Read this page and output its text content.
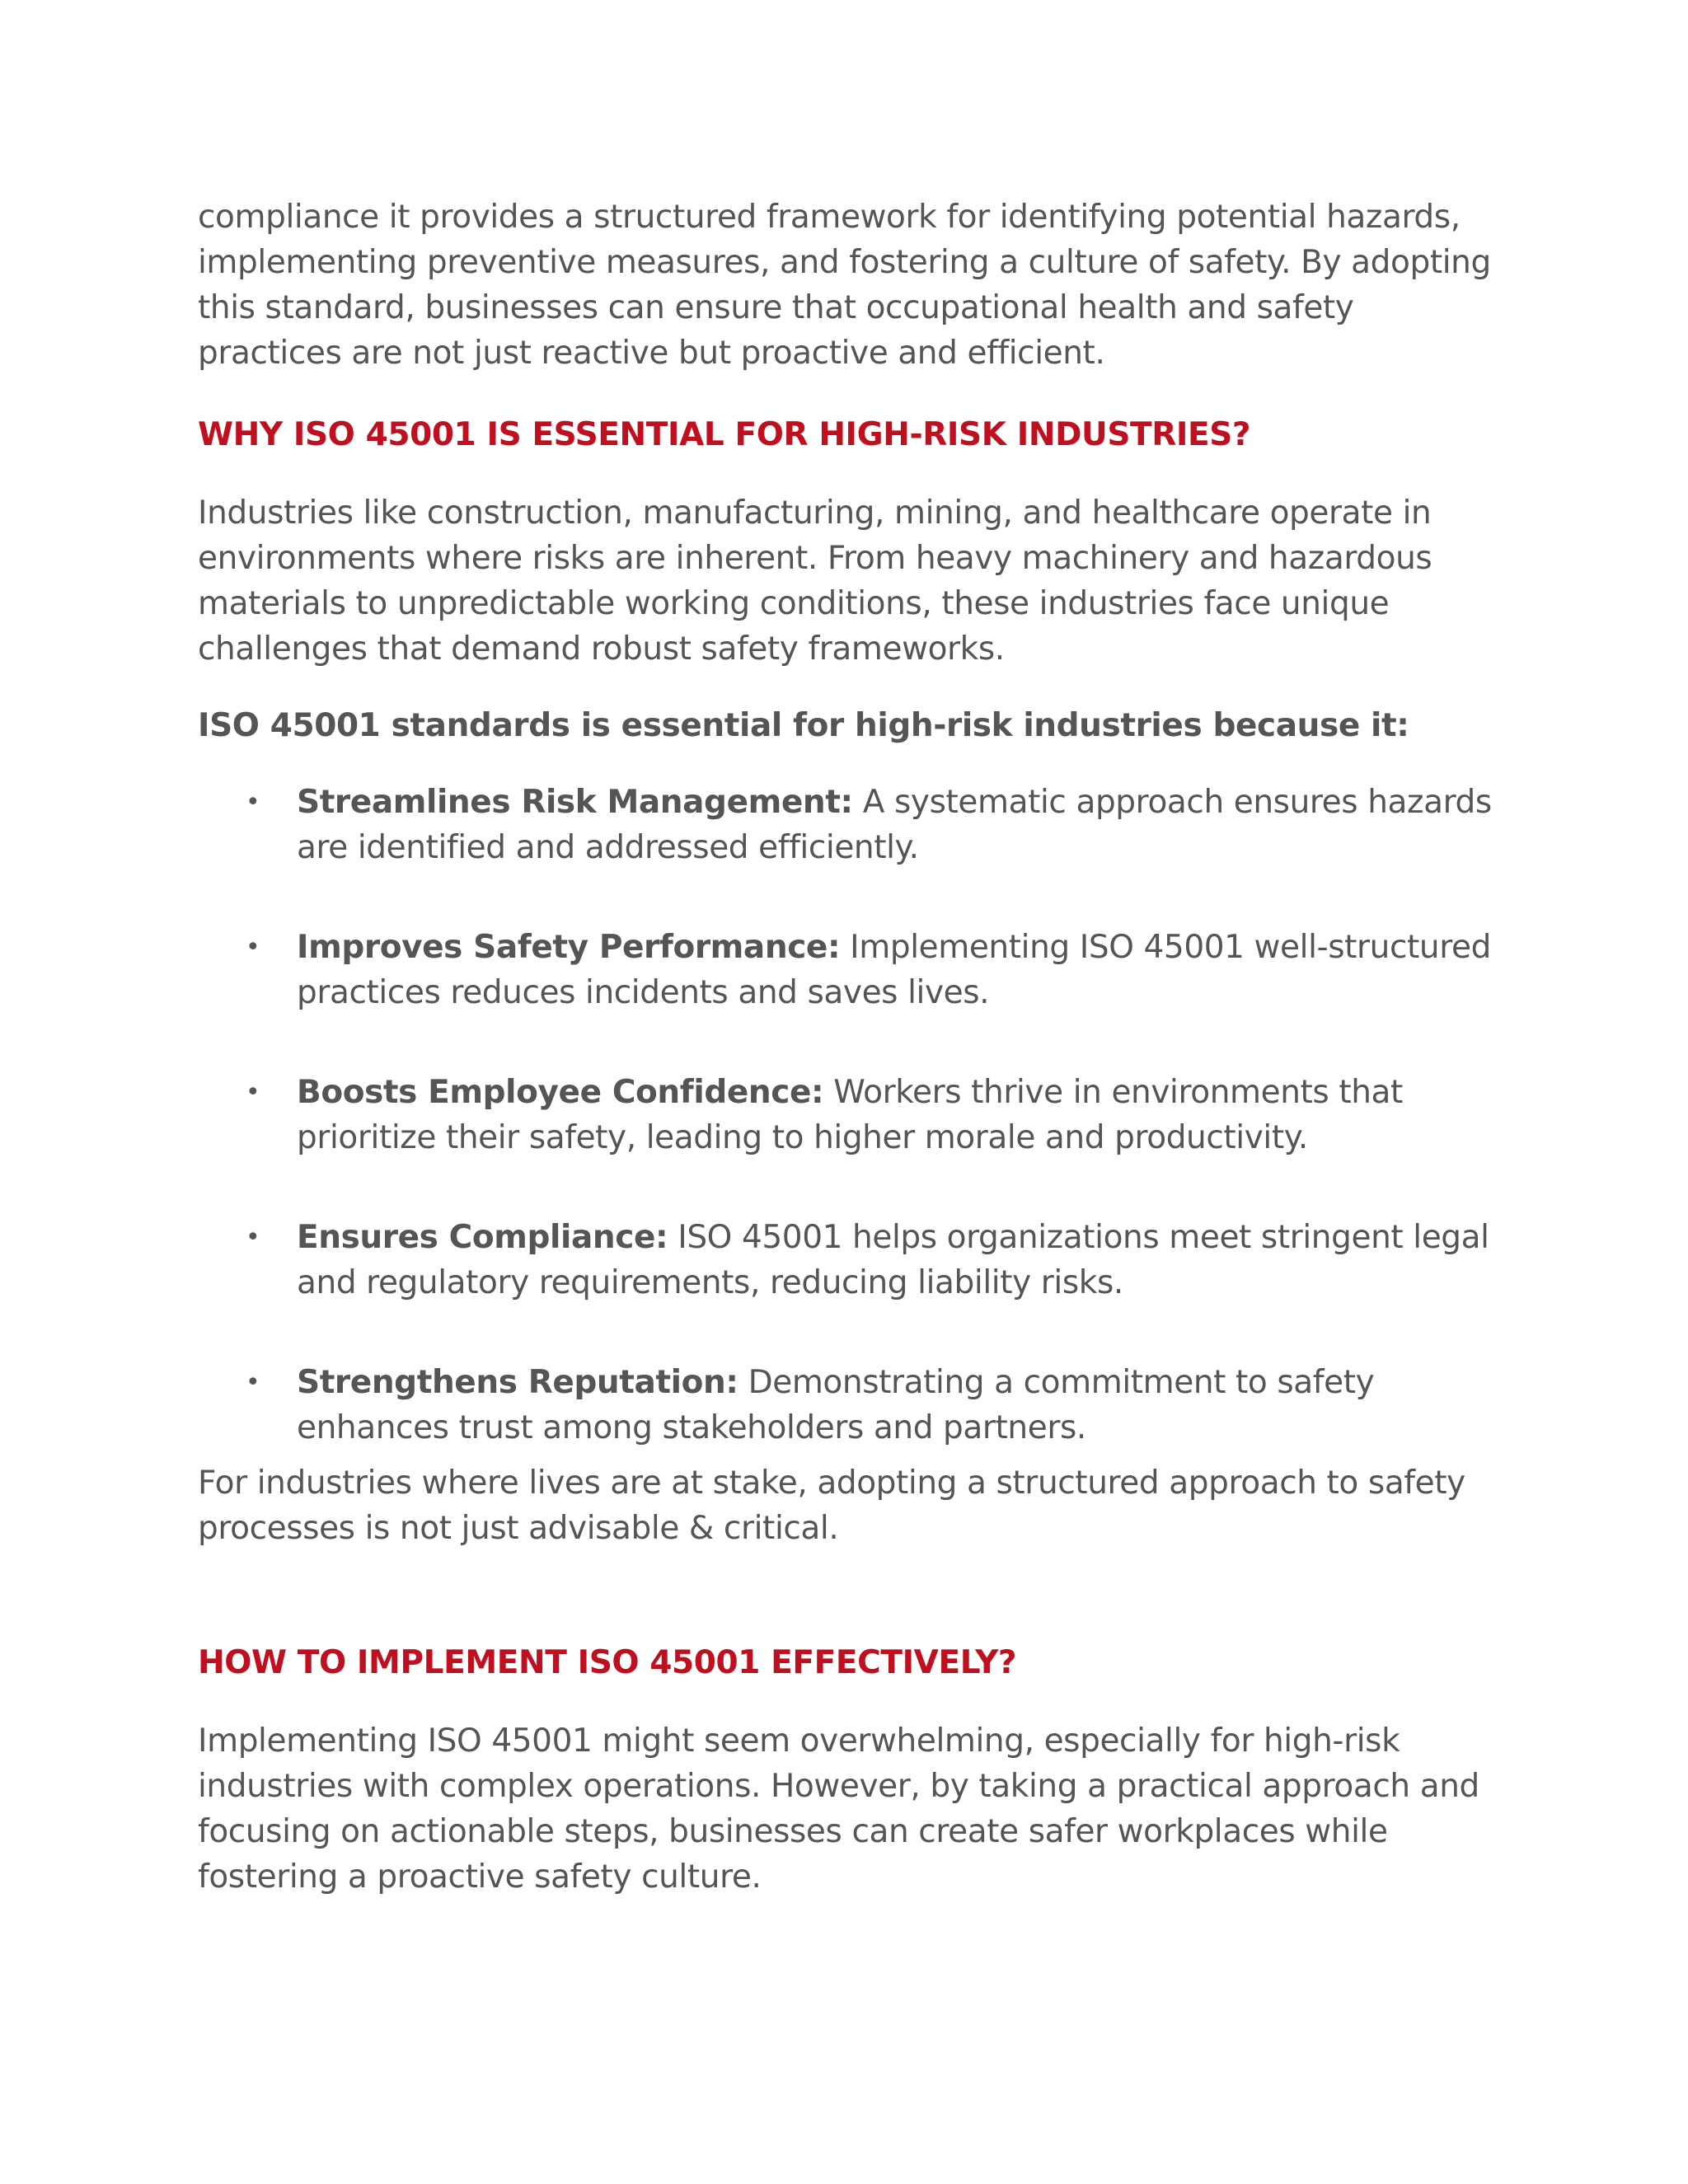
compliance it provides a structured framework for identifying potential hazards, implementing preventive measures, and fostering a culture of safety. By adopting this standard, businesses can ensure that occupational health and safety practices are not just reactive but proactive and efficient.

WHY ISO 45001 IS ESSENTIAL FOR HIGH-RISK INDUSTRIES?

Industries like construction, manufacturing, mining, and healthcare operate in environments where risks are inherent. From heavy machinery and hazardous materials to unpredictable working conditions, these industries face unique challenges that demand robust safety frameworks.

ISO 45001 standards is essential for high-risk industries because it:

• Streamlines Risk Management: A systematic approach ensures hazards are identified and addressed efficiently.
• Improves Safety Performance: Implementing ISO 45001 well-structured practices reduces incidents and saves lives.
• Boosts Employee Confidence: Workers thrive in environments that prioritize their safety, leading to higher morale and productivity.
• Ensures Compliance: ISO 45001 helps organizations meet stringent legal and regulatory requirements, reducing liability risks.
• Strengthens Reputation: Demonstrating a commitment to safety enhances trust among stakeholders and partners.

For industries where lives are at stake, adopting a structured approach to safety processes is not just advisable & critical.

HOW TO IMPLEMENT ISO 45001 EFFECTIVELY?

Implementing ISO 45001 might seem overwhelming, especially for high-risk industries with complex operations. However, by taking a practical approach and focusing on actionable steps, businesses can create safer workplaces while fostering a proactive safety culture.
